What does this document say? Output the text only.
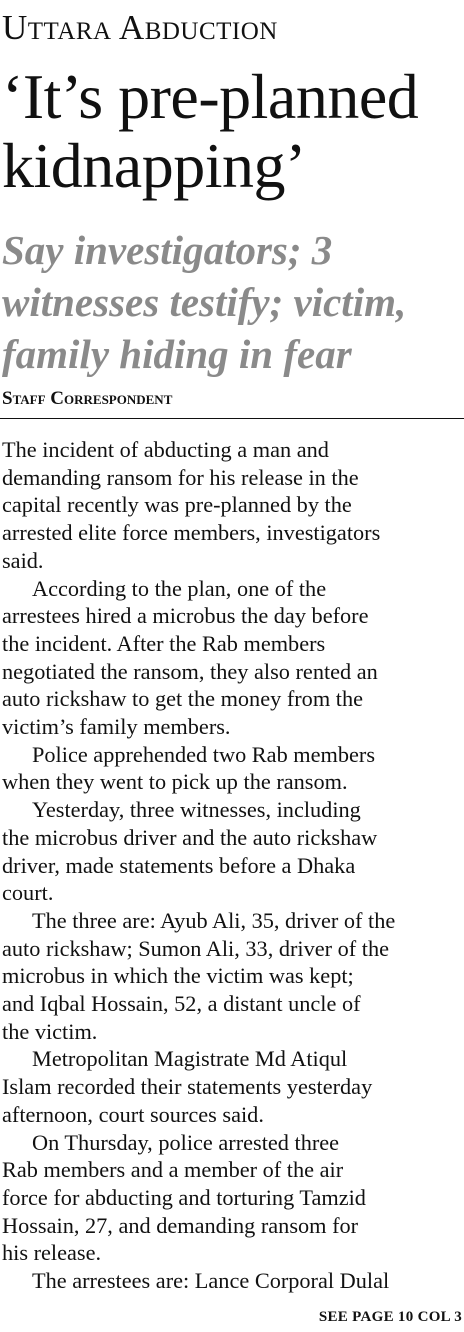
Uttara Abduction
‘It’s pre-planned
kidnapping’
Say investigators; 3
witnesses testify; victim,
family hiding in fear
Staff Correspondent
The incident of abducting a man and
demanding ransom for his release in the
capital recently was pre-planned by the
arrested elite force members, investigators
said.
According to the plan, one of the
arrestees hired a microbus the day before
the incident. After the Rab members
negotiated the ransom, they also rented an
auto rickshaw to get the money from the
victim’s family members.
Police apprehended two Rab members
when they went to pick up the ransom.
Yesterday, three witnesses, including
the microbus driver and the auto rickshaw
driver, made statements before a Dhaka
court.
The three are: Ayub Ali, 35, driver of the
auto rickshaw; Sumon Ali, 33, driver of the
microbus in which the victim was kept;
and Iqbal Hossain, 52, a distant uncle of
the victim.
Metropolitan Magistrate Md Atiqul
Islam recorded their statements yesterday
afternoon, court sources said.
On Thursday, police arrested three
Rab members and a member of the air
force for abducting and torturing Tamzid
Hossain, 27, and demanding ransom for
his release.
The arrestees are: Lance Corporal Dulal
SEE PAGE 10 COL 3
